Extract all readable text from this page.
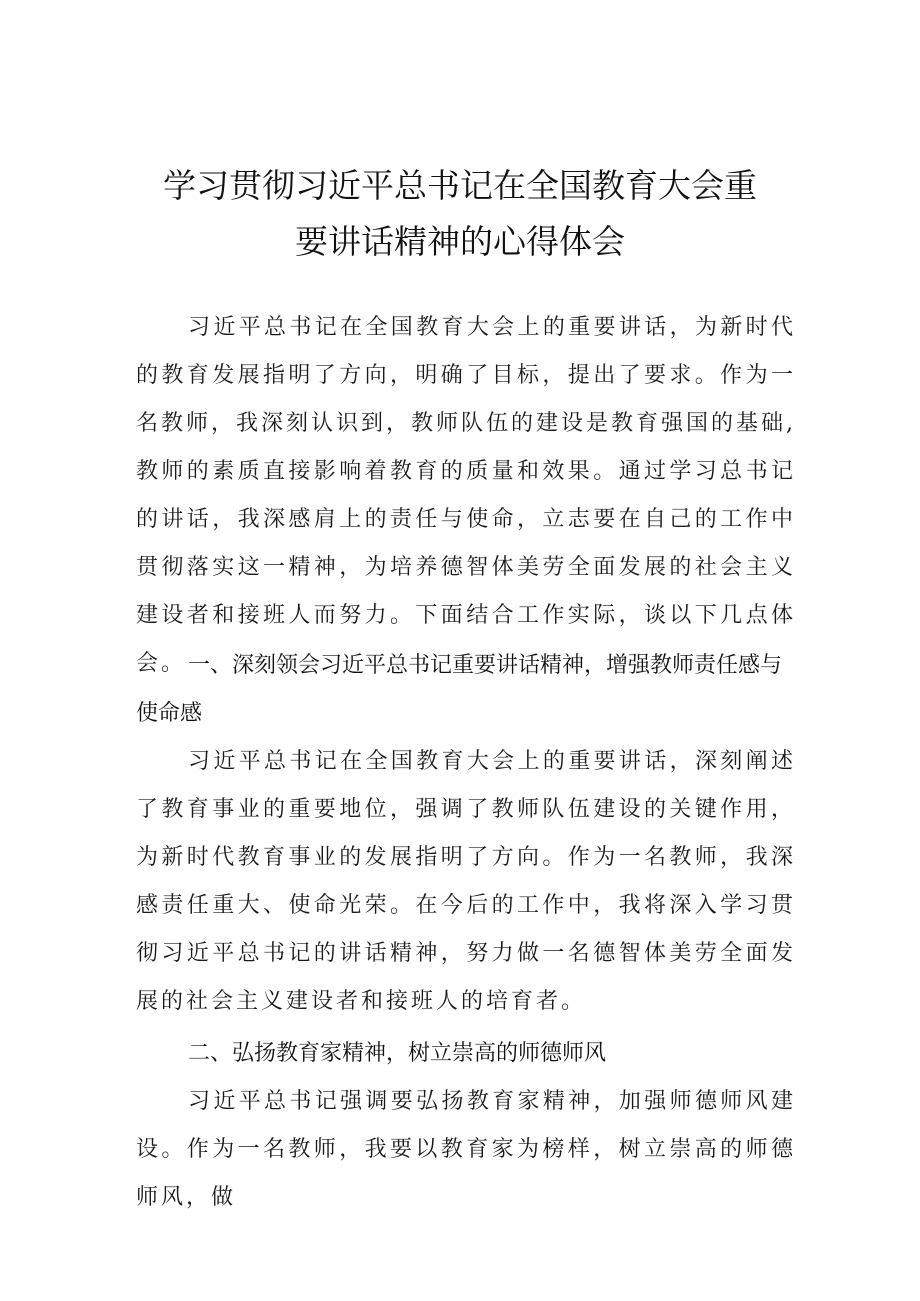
学习贯彻习近平总书记在全国教育大会重
要讲话精神的心得体会

习近平总书记在全国教育大会上的重要讲话，为新时代的教育发展指明了方向，明确了目标，提出了要求。作为一名教师，我深刻认识到，教师队伍的建设是教育强国的基础,教师的素质直接影响着教育的质量和效果。通过学习总书记的讲话，我深感肩上的责任与使命，立志要在自己的工作中贯彻落实这一精神，为培养德智体美劳全面发展的社会主义建设者和接班人而努力。下面结合工作实际，谈以下几点体会。 一、深刻领会习近平总书记重要讲话精神，增强教师责任感与使命感

习近平总书记在全国教育大会上的重要讲话，深刻阐述了教育事业的重要地位，强调了教师队伍建设的关键作用，为新时代教育事业的发展指明了方向。作为一名教师，我深感责任重大、使命光荣。在今后的工作中，我将深入学习贯彻习近平总书记的讲话精神，努力做一名德智体美劳全面发展的社会主义建设者和接班人的培育者。

二、弘扬教育家精神，树立崇高的师德师风

习近平总书记强调要弘扬教育家精神，加强师德师风建设。作为一名教师，我要以教育家为榜样，树立崇高的师德师风，做
